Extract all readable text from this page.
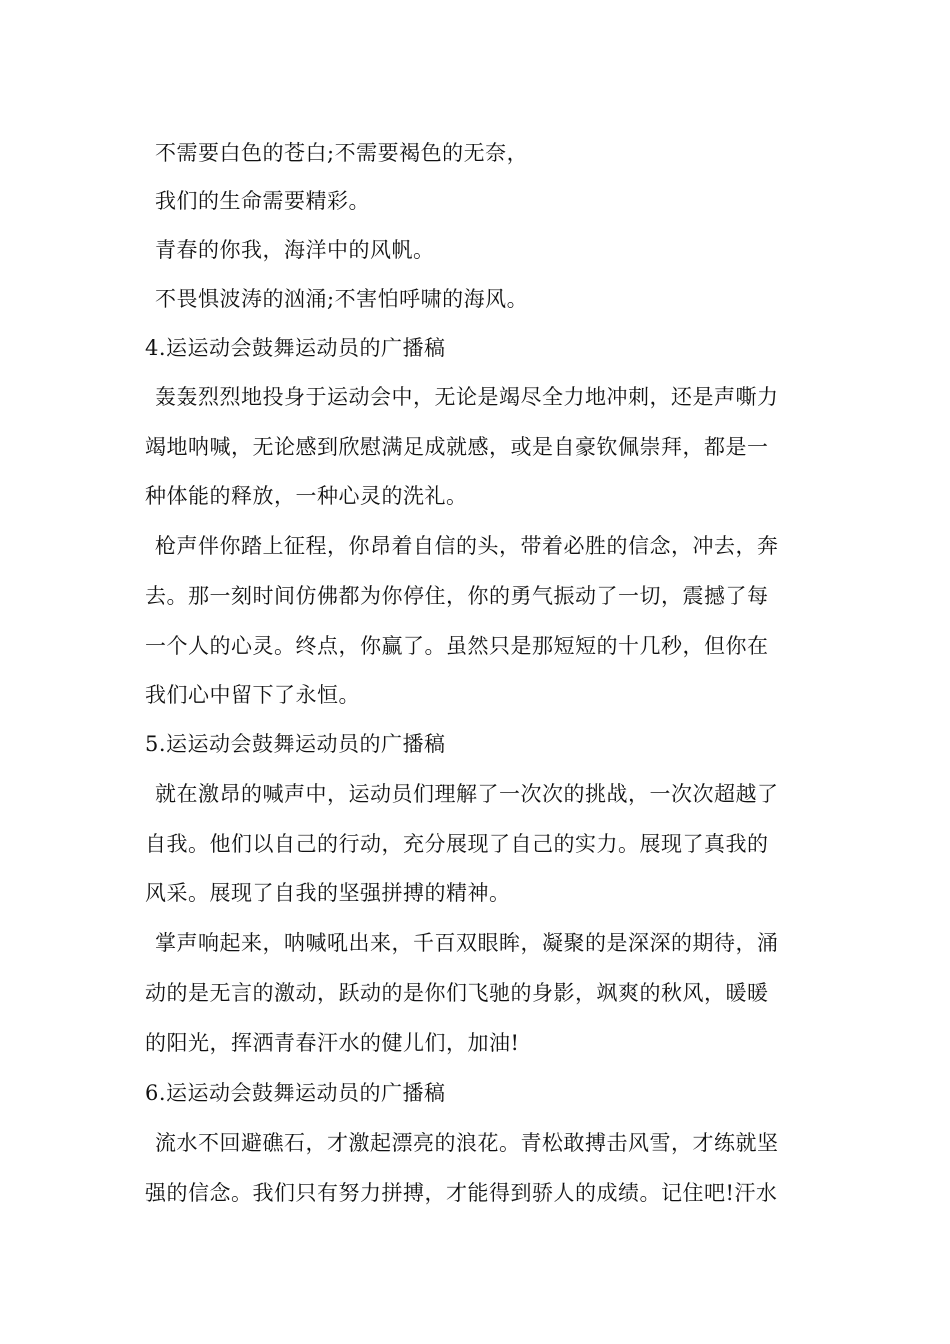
不需要白色的苍白;不需要褐色的无奈，
我们的生命需要精彩。
青春的你我，海洋中的风帆。
不畏惧波涛的汹涌;不害怕呼啸的海风。
4.运运动会鼓舞运动员的广播稿
轰轰烈烈地投身于运动会中，无论是竭尽全力地冲刺，还是声嘶力
竭地呐喊，无论感到欣慰满足成就感，或是自豪钦佩崇拜，都是一
种体能的释放，一种心灵的洗礼。
枪声伴你踏上征程，你昂着自信的头，带着必胜的信念，冲去，奔
去。那一刻时间仿佛都为你停住，你的勇气振动了一切，震撼了每
一个人的心灵。终点，你赢了。虽然只是那短短的十几秒，但你在
我们心中留下了永恒。
5.运运动会鼓舞运动员的广播稿
就在激昂的喊声中，运动员们理解了一次次的挑战，一次次超越了
自我。他们以自己的行动，充分展现了自己的实力。展现了真我的
风采。展现了自我的坚强拼搏的精神。
掌声响起来，呐喊吼出来，千百双眼眸，凝聚的是深深的期待，涌
动的是无言的激动，跃动的是你们飞驰的身影，飒爽的秋风，暖暖
的阳光，挥洒青春汗水的健儿们，加油!
6.运运动会鼓舞运动员的广播稿
流水不回避礁石，才激起漂亮的浪花。青松敢搏击风雪，才练就坚
强的信念。我们只有努力拼搏，才能得到骄人的成绩。记住吧!汗水
